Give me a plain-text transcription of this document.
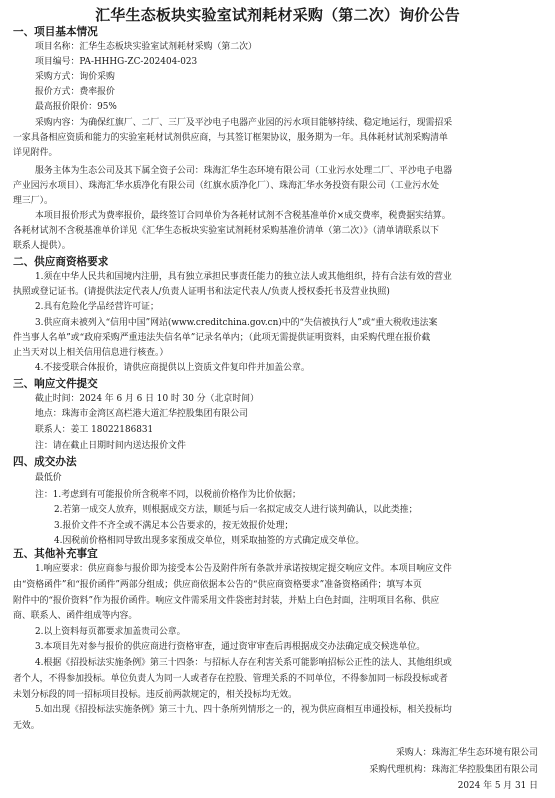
汇华生态板块实验室试剂耗材采购（第二次）询价公告
一、项目基本情况
项目名称：汇华生态板块实验室试剂耗材采购（第二次）
项目编号：PA-HHHG-ZC-202404-023
采购方式：询价采购
报价方式：费率报价
最高报价限价：95%
采购内容：为确保红旗厂、二厂、三厂及平沙电子电器产业园的污水项目能够持续、稳定地运行，现需招采
一家具备相应资质和能力的实验室耗材试剂供应商，与其签订框架协议，服务期为一年。具体耗材试剂采购清单
详见附件。
服务主体为生态公司及其下属全资子公司：珠海汇华生态环境有限公司（工业污水处理二厂、平沙电子电器
产业园污水项目）、珠海汇华水质净化有限公司（红旗水质净化厂）、珠海汇华水务投资有限公司（工业污水处
理三厂）。
本项目报价形式为费率报价，最终签订合同单价为各耗材试剂不含税基准单价×成交费率，税费据实结算。
各耗材试剂不含税基准单价详见《汇华生态板块实验室试剂耗材采购基准价清单（第二次）》（清单请联系以下
联系人提供）。
二、供应商资格要求
1.须在中华人民共和国境内注册，具有独立承担民事责任能力的独立法人或其他组织，持有合法有效的营业
执照或登记证书。(请提供法定代表人/负责人证明书和法定代表人/负责人授权委托书及营业执照)
2.具有危险化学品经营许可证；
3.供应商未被列入“信用中国”网站(www.creditchina.gov.cn)中的“失信被执行人”或“重大税收违法案
件当事人名单”或“政府采购严重违法失信名单”记录名单内；（此项无需提供证明资料，由采购代理在报价截
止当天对以上相关信用信息进行核查。）
4.不接受联合体报价，请供应商提供以上资质文件复印件并加盖公章。
三、响应文件提交
截止时间：2024 年 6 月 6 日 10 时 30 分（北京时间）
地点：珠海市金湾区高栏港大道汇华控股集团有限公司
联系人：姜工 18022186831
注：请在截止日期时间内送达报价文件
四、成交办法
最低价
注：1.考虑到有可能报价所含税率不同，以税前价格作为比价依据；
2.若第一成交人放弃，则根据成交方法，顺延与后一名拟定成交人进行谈判确认，以此类推；
3.报价文件不齐全或不满足本公告要求的，按无效报价处理；
4.因税前价格相同导致出现多家预成交单位，则采取抽签的方式确定成交单位。
五、其他补充事宜
1.响应要求：供应商参与报价即为接受本公告及附件所有条款并承诺按规定提交响应文件。本项目响应文件
由“资格函件”和“报价函件”两部分组成；供应商依据本公告的“供应商资格要求”准备资格函件；填写本页
附件中的“报价资料”作为报价函件。响应文件需采用文件袋密封封装，并贴上白色封面，注明项目名称、供应
商、联系人、函件组成等内容。
2.以上资料每页都要求加盖贵司公章。
3.本项目先对参与报价的供应商进行资格审查，通过资审审查后再根据成交办法确定成交候选单位。
4.根据《招投标法实施条例》第三十四条：与招标人存在利害关系可能影响招标公正性的法人、其他组织或
者个人，不得参加投标。单位负责人为同一人或者存在控股、管理关系的不同单位，不得参加同一标段投标或者
未划分标段的同一招标项目投标。违反前两款规定的，相关投标均无效。
5.如出现《招投标法实施条例》第三十九、四十条所列情形之一的，视为供应商相互串通投标，相关投标均
无效。
采购人：珠海汇华生态环境有限公司
采购代理机构：珠海汇华控股集团有限公司
2024 年 5 月 31 日
